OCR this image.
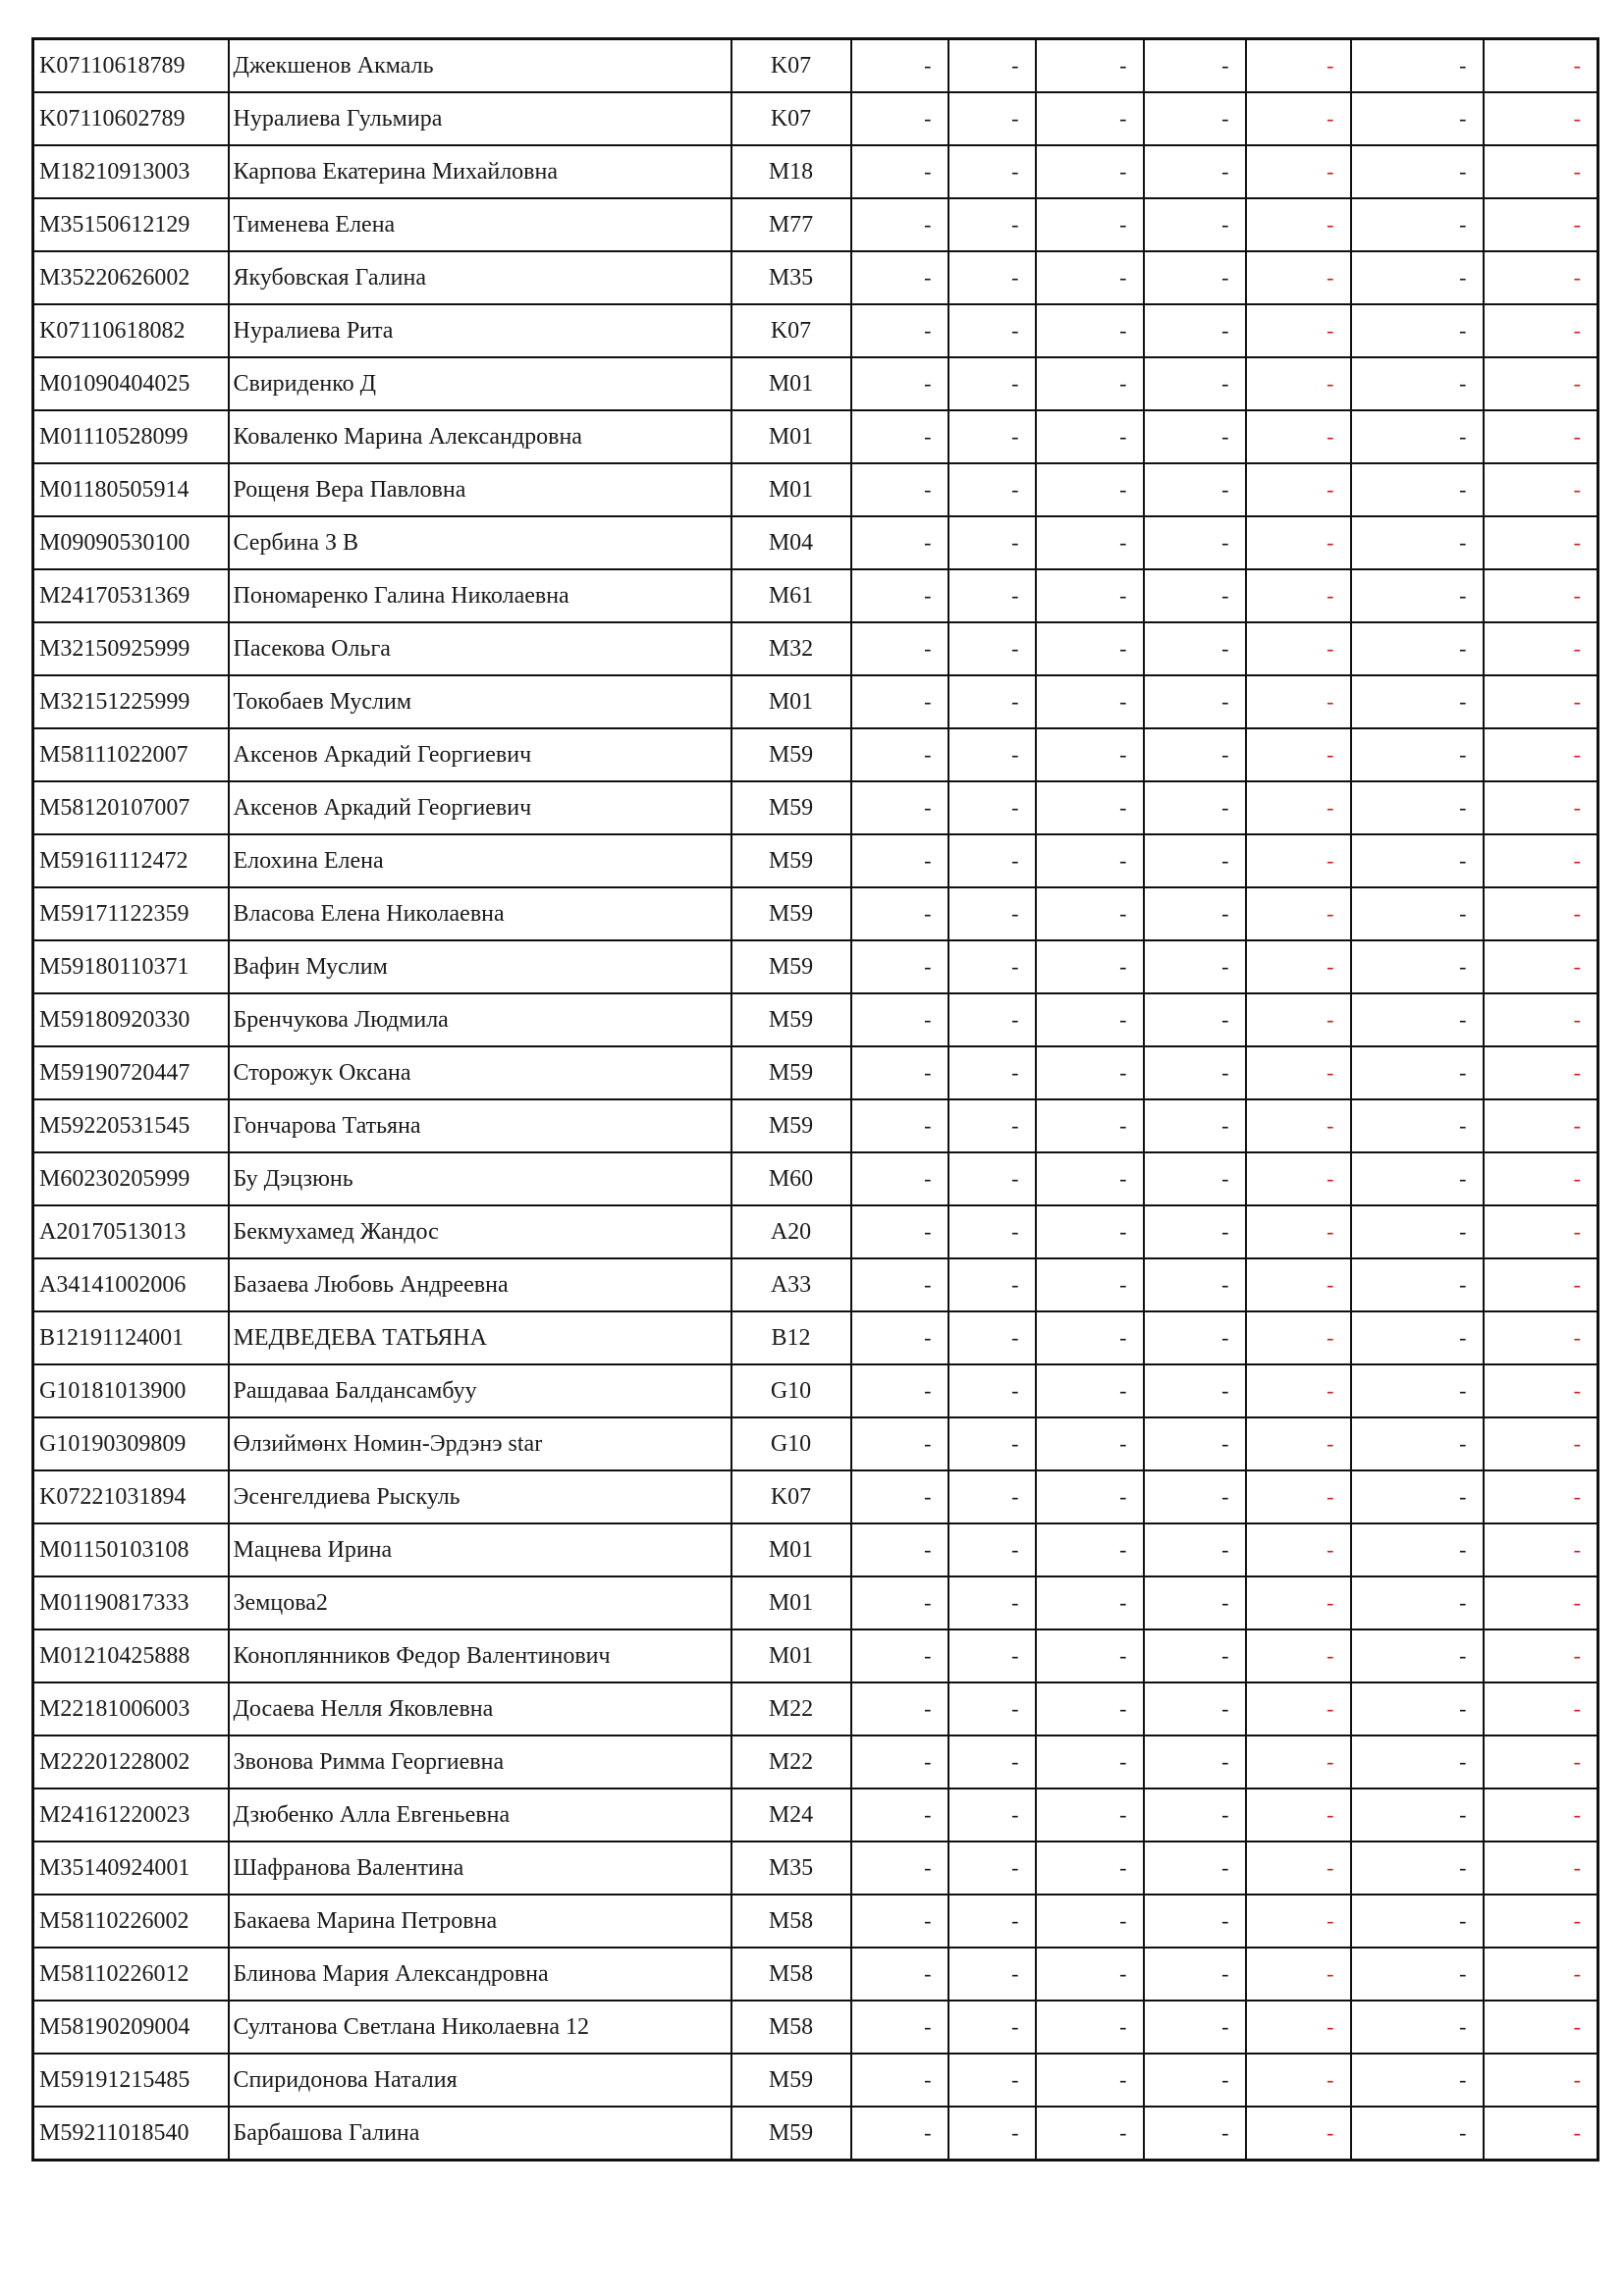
K07110618789	Джекшенов Акмаль	K07	-	-	-	-	-	-	-
K07110602789	Нуралиева Гульмира	K07	-	-	-	-	-	-	-
M18210913003	Карпова Екатерина Михайловна	M18	-	-	-	-	-	-	-
M35150612129	Тименева Елена	M77	-	-	-	-	-	-	-
M35220626002	Якубовская Галина	M35	-	-	-	-	-	-	-
K07110618082	Нуралиева Рита	K07	-	-	-	-	-	-	-
M01090404025	Свириденко Д	M01	-	-	-	-	-	-	-
M01110528099	Коваленко Марина Александровна	M01	-	-	-	-	-	-	-
M01180505914	Рощеня Вера Павловна	M01	-	-	-	-	-	-	-
M09090530100	Сербина З В	M04	-	-	-	-	-	-	-
M24170531369	Пономаренко Галина Николаевна	M61	-	-	-	-	-	-	-
M32150925999	Пасекова Ольга	M32	-	-	-	-	-	-	-
M32151225999	Токобаев Муслим	M01	-	-	-	-	-	-	-
M58111022007	Аксенов Аркадий Георгиевич	M59	-	-	-	-	-	-	-
M58120107007	Аксенов Аркадий Георгиевич	M59	-	-	-	-	-	-	-
M59161112472	Елохина Елена	M59	-	-	-	-	-	-	-
M59171122359	Власова Елена Николаевна	M59	-	-	-	-	-	-	-
M59180110371	Вафин Муслим	M59	-	-	-	-	-	-	-
M59180920330	Бренчукова Людмила	M59	-	-	-	-	-	-	-
M59190720447	Сторожук Оксана	M59	-	-	-	-	-	-	-
M59220531545	Гончарова Татьяна	M59	-	-	-	-	-	-	-
M60230205999	Бу Дэцзюнь	M60	-	-	-	-	-	-	-
A20170513013	Бекмухамед Жандос	A20	-	-	-	-	-	-	-
A34141002006	Базаева Любовь Андреевна	A33	-	-	-	-	-	-	-
B12191124001	МЕДВЕДЕВА ТАТЬЯНА	B12	-	-	-	-	-	-	-
G10181013900	Рашдаваа Балдансамбуу	G10	-	-	-	-	-	-	-
G10190309809	Өлзиймөнх Номин-Эрдэнэ star	G10	-	-	-	-	-	-	-
K07221031894	Эсенгелдиева Рыскуль	K07	-	-	-	-	-	-	-
M01150103108	Мацнева Ирина	M01	-	-	-	-	-	-	-
M01190817333	Земцова2	M01	-	-	-	-	-	-	-
M01210425888	Коноплянников Федор Валентинович	M01	-	-	-	-	-	-	-
M22181006003	Досаева Нелля Яковлевна	M22	-	-	-	-	-	-	-
M22201228002	Звонова Римма Георгиевна	M22	-	-	-	-	-	-	-
M24161220023	Дзюбенко Алла Евгеньевна	M24	-	-	-	-	-	-	-
M35140924001	Шафранова Валентина	M35	-	-	-	-	-	-	-
M58110226002	Бакаева Марина Петровна	M58	-	-	-	-	-	-	-
M58110226012	Блинова Мария Александровна	M58	-	-	-	-	-	-	-
M58190209004	Султанова Светлана Николаевна 12	M58	-	-	-	-	-	-	-
M59191215485	Спиридонова Наталия	M59	-	-	-	-	-	-	-
M59211018540	Барбашова Галина	M59	-	-	-	-	-	-	-
